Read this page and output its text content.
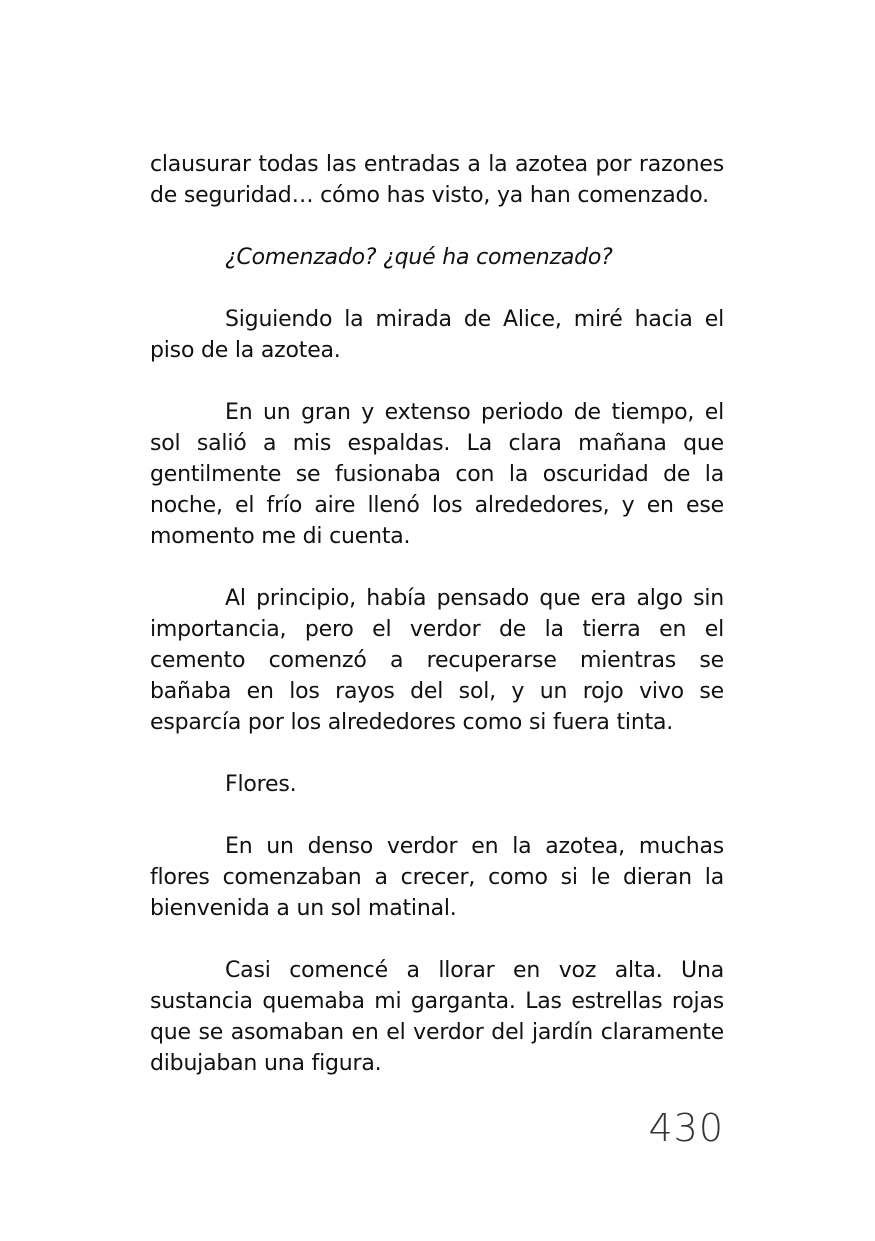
clausurar todas las entradas a la azotea por razones de seguridad… cómo has visto, ya han comenzado.

¿Comenzado? ¿qué ha comenzado?

Siguiendo la mirada de Alice, miré hacia el piso de la azotea.

En un gran y extenso periodo de tiempo, el sol salió a mis espaldas. La clara mañana que gentilmente se fusionaba con la oscuridad de la noche, el frío aire llenó los alrededores, y en ese momento me di cuenta.

Al principio, había pensado que era algo sin importancia, pero el verdor de la tierra en el cemento comenzó a recuperarse mientras se bañaba en los rayos del sol, y un rojo vivo se esparcía por los alrededores como si fuera tinta.

Flores.

En un denso verdor en la azotea, muchas flores comenzaban a crecer, como si le dieran la bienvenida a un sol matinal.

Casi comencé a llorar en voz alta. Una sustancia quemaba mi garganta. Las estrellas rojas que se asomaban en el verdor del jardín claramente dibujaban una figura.

430
